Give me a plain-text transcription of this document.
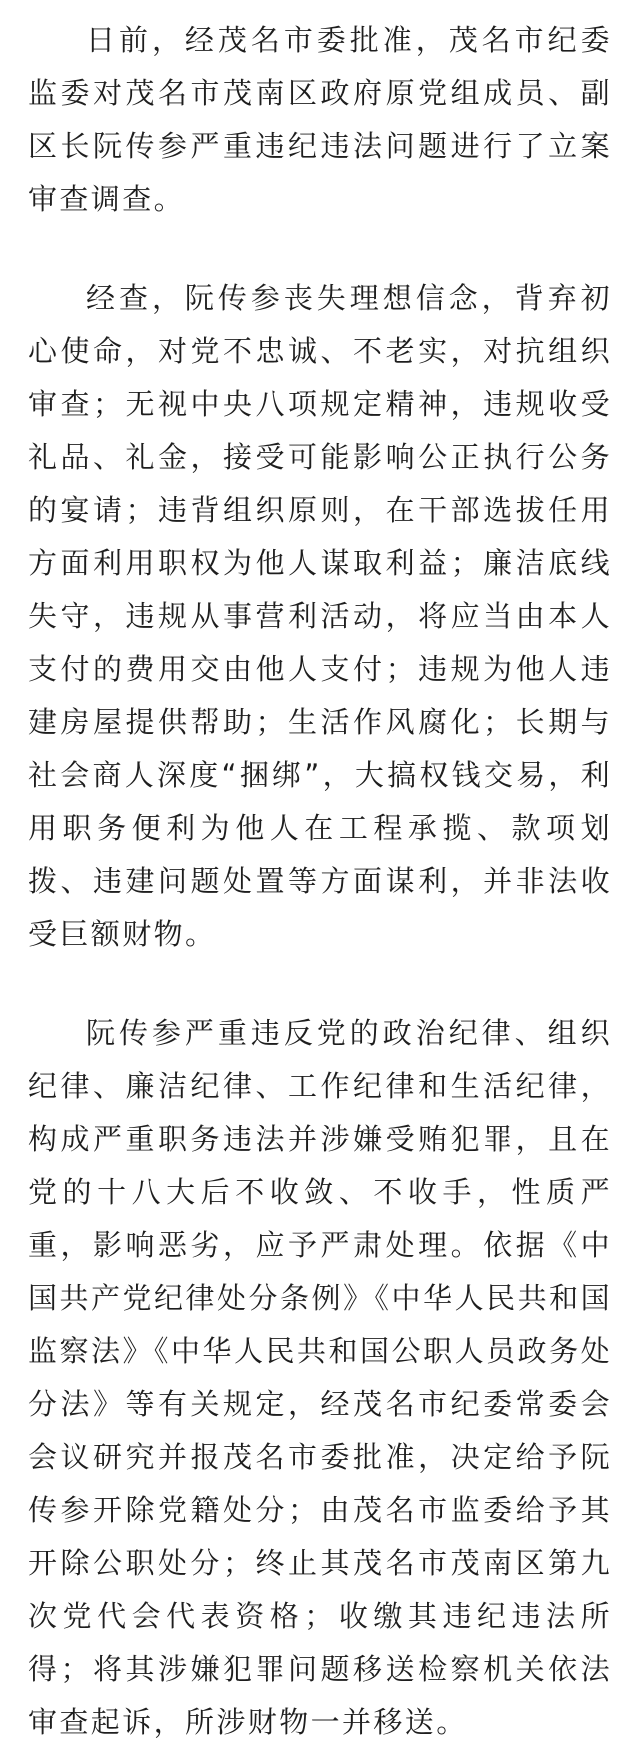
日前，经茂名市委批准，茂名市纪委监委对茂名市茂南区政府原党组成员、副区长阮传参严重违纪违法问题进行了立案审查调查。

经查，阮传参丧失理想信念，背弃初心使命，对党不忠诚、不老实，对抗组织审查；无视中央八项规定精神，违规收受礼品、礼金，接受可能影响公正执行公务的宴请；违背组织原则，在干部选拔任用方面利用职权为他人谋取利益；廉洁底线失守，违规从事营利活动，将应当由本人支付的费用交由他人支付；违规为他人违建房屋提供帮助；生活作风腐化；长期与社会商人深度“捆绑”，大搞权钱交易，利用职务便利为他人在工程承揽、款项划拨、违建问题处置等方面谋利，并非法收受巨额财物。

阮传参严重违反党的政治纪律、组织纪律、廉洁纪律、工作纪律和生活纪律，构成严重职务违法并涉嫌受贿犯罪，且在党的十八大后不收敛、不收手，性质严重，影响恶劣，应予严肃处理。依据《中国共产党纪律处分条例》《中华人民共和国监察法》《中华人民共和国公职人员政务处分法》等有关规定，经茂名市纪委常委会会议研究并报茂名市委批准，决定给予阮传参开除党籍处分；由茂名市监委给予其开除公职处分；终止其茂名市茂南区第九次党代会代表资格；收缴其违纪违法所得；将其涉嫌犯罪问题移送检察机关依法审查起诉，所涉财物一并移送。
